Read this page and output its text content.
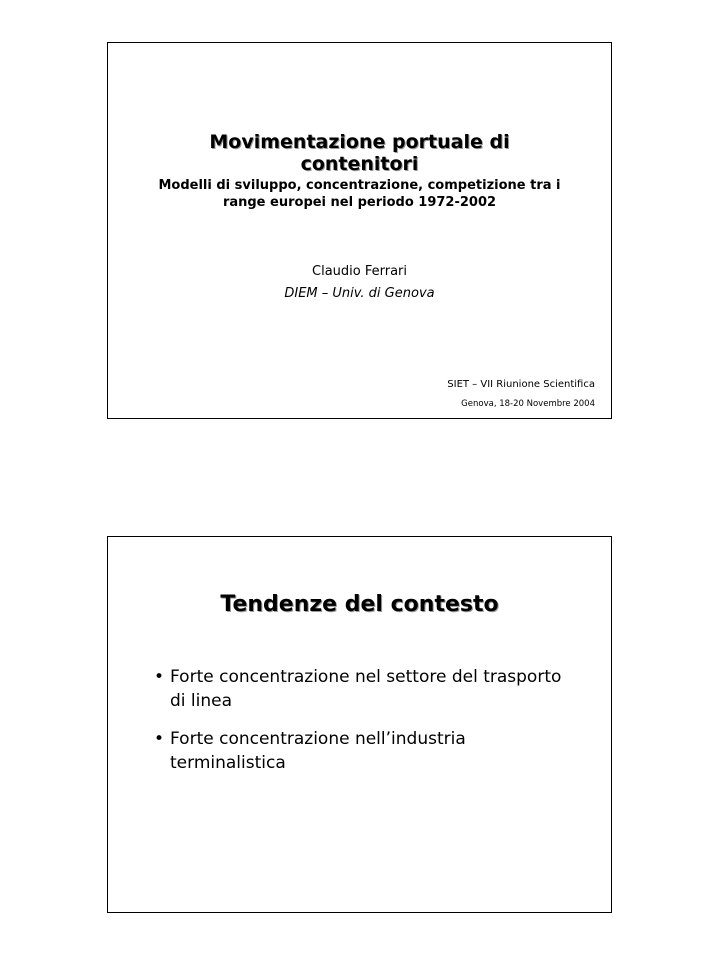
Movimentazione portuale di contenitori
Modelli di sviluppo, concentrazione, competizione tra i range europei nel periodo 1972-2002
Claudio Ferrari
DIEM – Univ. di Genova
SIET – VII Riunione Scientifica
Genova, 18-20 Novembre 2004
Tendenze del contesto
• Forte concentrazione nel settore del trasporto di linea
• Forte concentrazione nell’industria terminalistica
